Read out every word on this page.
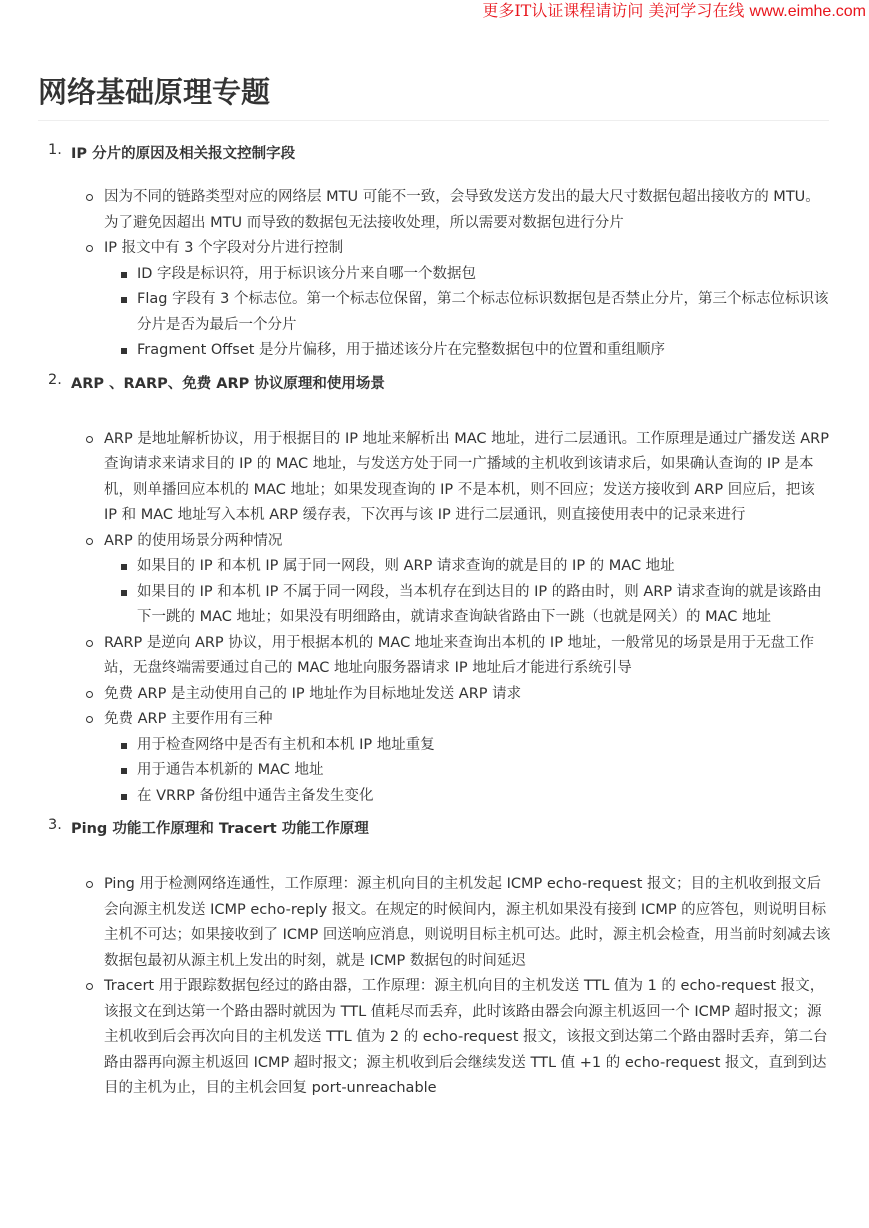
更多IT认证课程请访问 美河学习在线 www.eimhe.com
网络基础原理专题
1. IP 分片的原因及相关报文控制字段
因为不同的链路类型对应的网络层 MTU 可能不一致，会导致发送方发出的最大尺寸数据包超出接收方的 MTU。为了避免因超出 MTU 而导致的数据包无法接收处理，所以需要对数据包进行分片
IP 报文中有 3 个字段对分片进行控制
ID 字段是标识符，用于标识该分片来自哪一个数据包
Flag 字段有 3 个标志位。第一个标志位保留，第二个标志位标识数据包是否禁止分片，第三个标志位标识该分片是否为最后一个分片
Fragment Offset 是分片偏移，用于描述该分片在完整数据包中的位置和重组顺序
2. ARP 、RARP、免费 ARP 协议原理和使用场景
ARP 是地址解析协议，用于根据目的 IP 地址来解析出 MAC 地址，进行二层通讯。工作原理是通过广播发送 ARP 查询请求来请求目的 IP 的 MAC 地址，与发送方处于同一广播域的主机收到该请求后，如果确认查询的 IP 是本机，则单播回应本机的 MAC 地址；如果发现查询的 IP 不是本机，则不回应；发送方接收到 ARP 回应后，把该 IP 和 MAC 地址写入本机 ARP 缓存表，下次再与该 IP 进行二层通讯，则直接使用表中的记录来进行
ARP 的使用场景分两种情况
如果目的 IP 和本机 IP 属于同一网段，则 ARP 请求查询的就是目的 IP 的 MAC 地址
如果目的 IP 和本机 IP 不属于同一网段，当本机存在到达目的 IP 的路由时，则 ARP 请求查询的就是该路由下一跳的 MAC 地址；如果没有明细路由，就请求查询缺省路由下一跳（也就是网关）的 MAC 地址
RARP 是逆向 ARP 协议，用于根据本机的 MAC 地址来查询出本机的 IP 地址，一般常见的场景是用于无盘工作站，无盘终端需要通过自己的 MAC 地址向服务器请求 IP 地址后才能进行系统引导
免费 ARP 是主动使用自己的 IP 地址作为目标地址发送 ARP 请求
免费 ARP 主要作用有三种
用于检查网络中是否有主机和本机 IP 地址重复
用于通告本机新的 MAC 地址
在 VRRP 备份组中通告主备发生变化
3. Ping 功能工作原理和 Tracert 功能工作原理
Ping 用于检测网络连通性，工作原理：源主机向目的主机发起 ICMP echo-request 报文；目的主机收到报文后会向源主机发送 ICMP echo-reply 报文。在规定的时候间内，源主机如果没有接到 ICMP 的应答包，则说明目标主机不可达；如果接收到了 ICMP 回送响应消息，则说明目标主机可达。此时，源主机会检查，用当前时刻减去该数据包最初从源主机上发出的时刻，就是 ICMP 数据包的时间延迟
Tracert 用于跟踪数据包经过的路由器，工作原理：源主机向目的主机发送 TTL 值为 1 的 echo-request 报文，该报文在到达第一个路由器时就因为 TTL 值耗尽而丢弃，此时该路由器会向源主机返回一个 ICMP 超时报文；源主机收到后会再次向目的主机发送 TTL 值为 2 的 echo-request 报文，该报文到达第二个路由器时丢弃，第二台路由器再向源主机返回 ICMP 超时报文；源主机收到后会继续发送 TTL 值 +1 的 echo-request 报文，直到到达目的主机为止，目的主机会回复 port-unreachable
